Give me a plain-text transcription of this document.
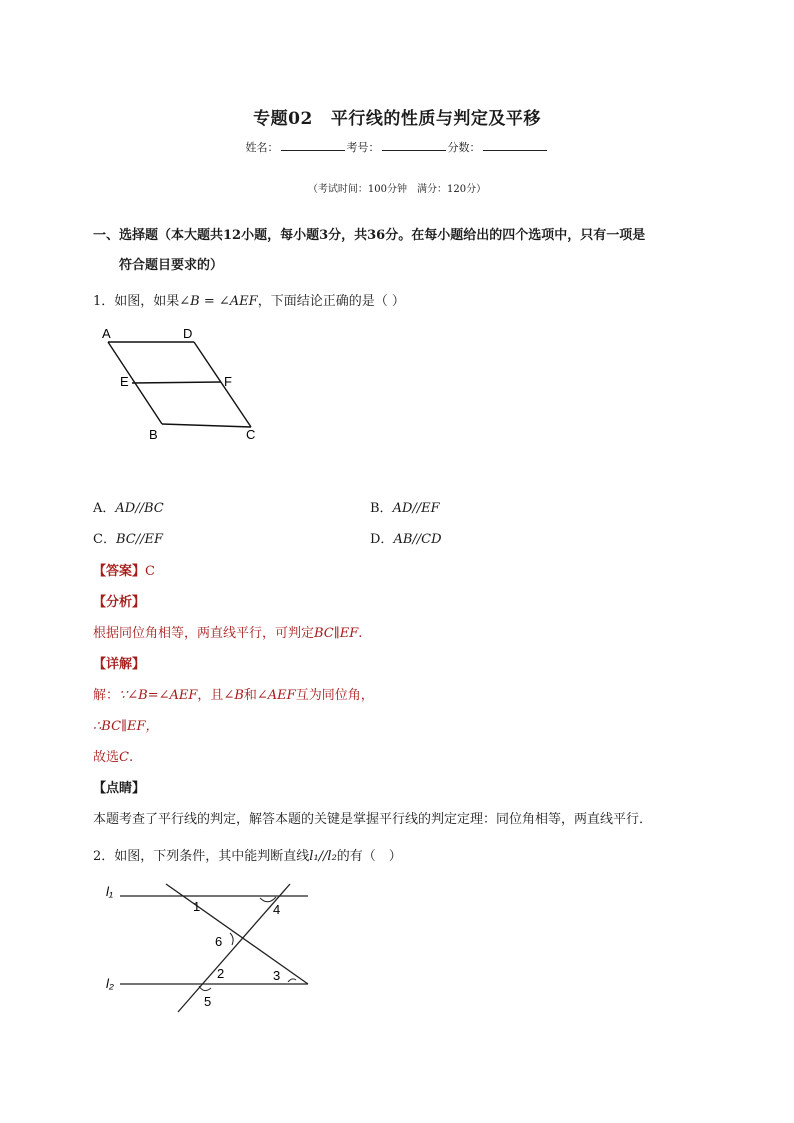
专题02 平行线的性质与判定及平移
姓名：	考号：	分数：
（考试时间：100分钟　满分：120分）
一、选择题（本大题共12小题，每小题3分，共36分。在每小题给出的四个选项中，只有一项是
符合题目要求的）
1．如图，如果∠B = ∠AEF，下面结论正确的是（ ）
A	D
E	F
B	C
A．AD//BC	B．AD//EF
C．BC//EF	D．AB//CD
【答案】C
【分析】
根据同位角相等，两直线平行，可判定BC∥EF.
【详解】
解：∵∠B=∠AEF，且∠B和∠AEF互为同位角，
∴BC∥EF，
故选C.
【点睛】
本题考查了平行线的判定，解答本题的关键是掌握平行线的判定定理：同位角相等，两直线平行．
2．如图，下列条件，其中能判断直线l₁//l₂的有（　）
l₁
l₂
1	4
6
2	3
5
